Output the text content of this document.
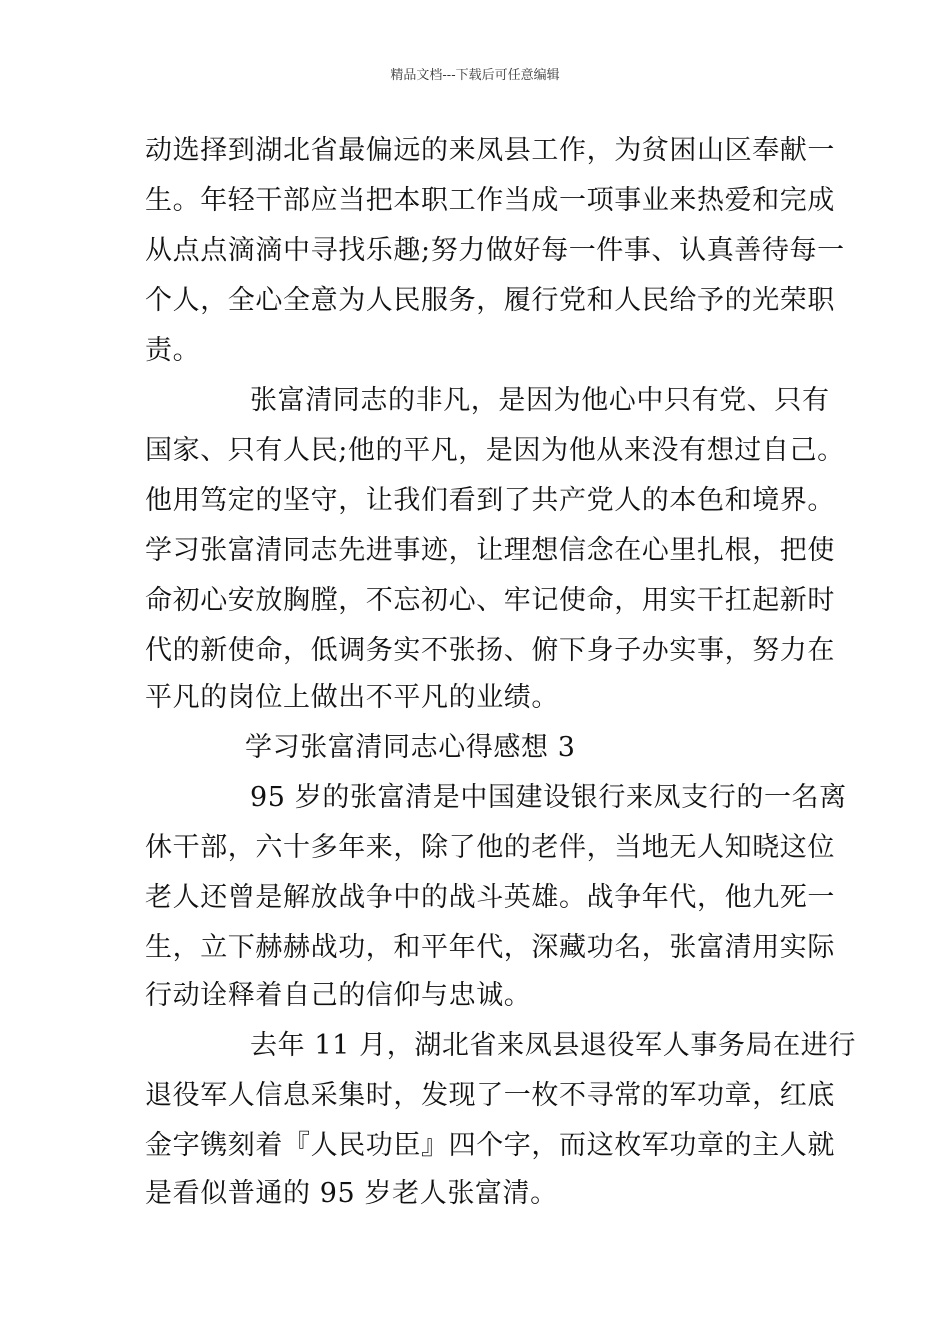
精品文档---下载后可任意编辑
动选择到湖北省最偏远的来凤县工作，为贫困山区奉献一
生。年轻干部应当把本职工作当成一项事业来热爱和完成
从点点滴滴中寻找乐趣;努力做好每一件事、认真善待每一
个人，全心全意为人民服务，履行党和人民给予的光荣职
责。
张富清同志的非凡，是因为他心中只有党、只有
国家、只有人民;他的平凡，是因为他从来没有想过自己。
他用笃定的坚守，让我们看到了共产党人的本色和境界。
学习张富清同志先进事迹，让理想信念在心里扎根，把使
命初心安放胸膛，不忘初心、牢记使命，用实干扛起新时
代的新使命，低调务实不张扬、俯下身子办实事，努力在
平凡的岗位上做出不平凡的业绩。
学习张富清同志心得感想 3
95 岁的张富清是中国建设银行来凤支行的一名离
休干部，六十多年来，除了他的老伴，当地无人知晓这位
老人还曾是解放战争中的战斗英雄。战争年代，他九死一
生，立下赫赫战功，和平年代，深藏功名，张富清用实际
行动诠释着自己的信仰与忠诚。
去年 11 月，湖北省来凤县退役军人事务局在进行
退役军人信息采集时，发现了一枚不寻常的军功章，红底
金字镌刻着『人民功臣』四个字，而这枚军功章的主人就
是看似普通的 95 岁老人张富清。
